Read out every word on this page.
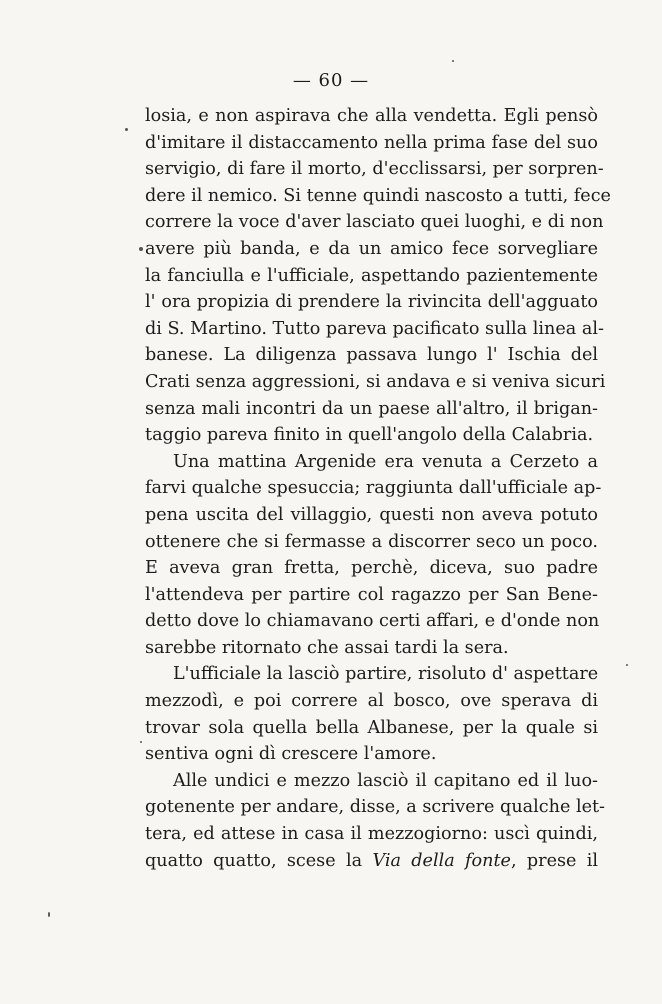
— 60 —
losia, e non aspirava che alla vendetta. Egli pensò
d'imitare il distaccamento nella prima fase del suo
servigio, di fare il morto, d'ecclissarsi, per sorpren-
dere il nemico. Si tenne quindi nascosto a tutti, fece
correre la voce d'aver lasciato quei luoghi, e di non
avere più banda, e da un amico fece sorvegliare
la fanciulla e l'ufficiale, aspettando pazientemente
l' ora propizia di prendere la rivincita dell'agguato
di S. Martino. Tutto pareva pacificato sulla linea al-
banese. La diligenza passava lungo l' Ischia del
Crati senza aggressioni, si andava e si veniva sicuri
senza mali incontri da un paese all'altro, il brigan-
taggio pareva finito in quell'angolo della Calabria.
Una mattina Argenide era venuta a Cerzeto a
farvi qualche spesuccia; raggiunta dall'ufficiale ap-
pena uscita del villaggio, questi non aveva potuto
ottenere che si fermasse a discorrer seco un poco.
E aveva gran fretta, perchè, diceva, suo padre
l'attendeva per partire col ragazzo per San Bene-
detto dove lo chiamavano certi affari, e d'onde non
sarebbe ritornato che assai tardi la sera.
L'ufficiale la lasciò partire, risoluto d' aspettare
mezzodì, e poi correre al bosco, ove sperava di
trovar sola quella bella Albanese, per la quale si
sentiva ogni dì crescere l'amore.
Alle undici e mezzo lasciò il capitano ed il luo-
gotenente per andare, disse, a scrivere qualche let-
tera, ed attese in casa il mezzogiorno: uscì quindi,
quatto quatto, scese la Via della fonte, prese il
